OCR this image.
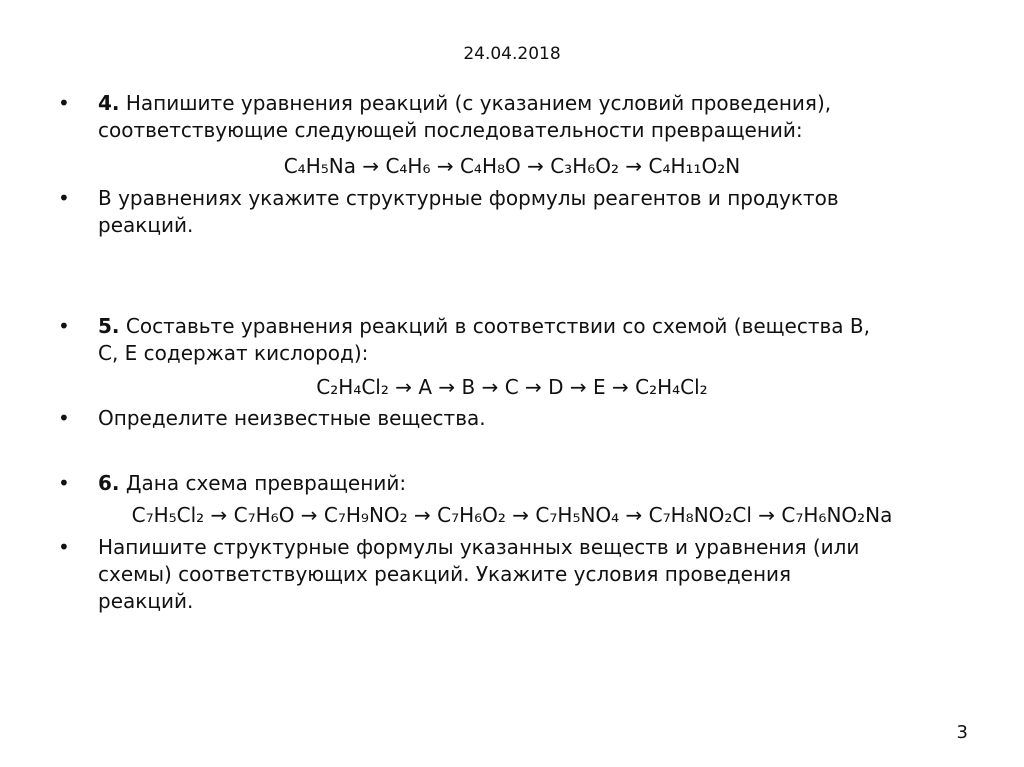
24.04.2018
• 4. Напишите уравнения реакций (с указанием условий проведения),
соответствующие следующей последовательности превращений:
C₄H₅Na → C₄H₆ → C₄H₈O → C₃H₆O₂ → C₄H₁₁O₂N
• В уравнениях укажите структурные формулы реагентов и продуктов
реакций.
• 5. Составьте уравнения реакций в соответствии со схемой (вещества B,
C, E содержат кислород):
C₂H₄Cl₂ → A → B → C → D → E → C₂H₄Cl₂
• Определите неизвестные вещества.
• 6. Дана схема превращений:
C₇H₅Cl₂ → C₇H₆O → C₇H₉NO₂ → C₇H₆O₂ → C₇H₅NO₄ → C₇H₈NO₂Cl → C₇H₆NO₂Na
• Напишите структурные формулы указанных веществ и уравнения (или
схемы) соответствующих реакций. Укажите условия проведения
реакций.
3
